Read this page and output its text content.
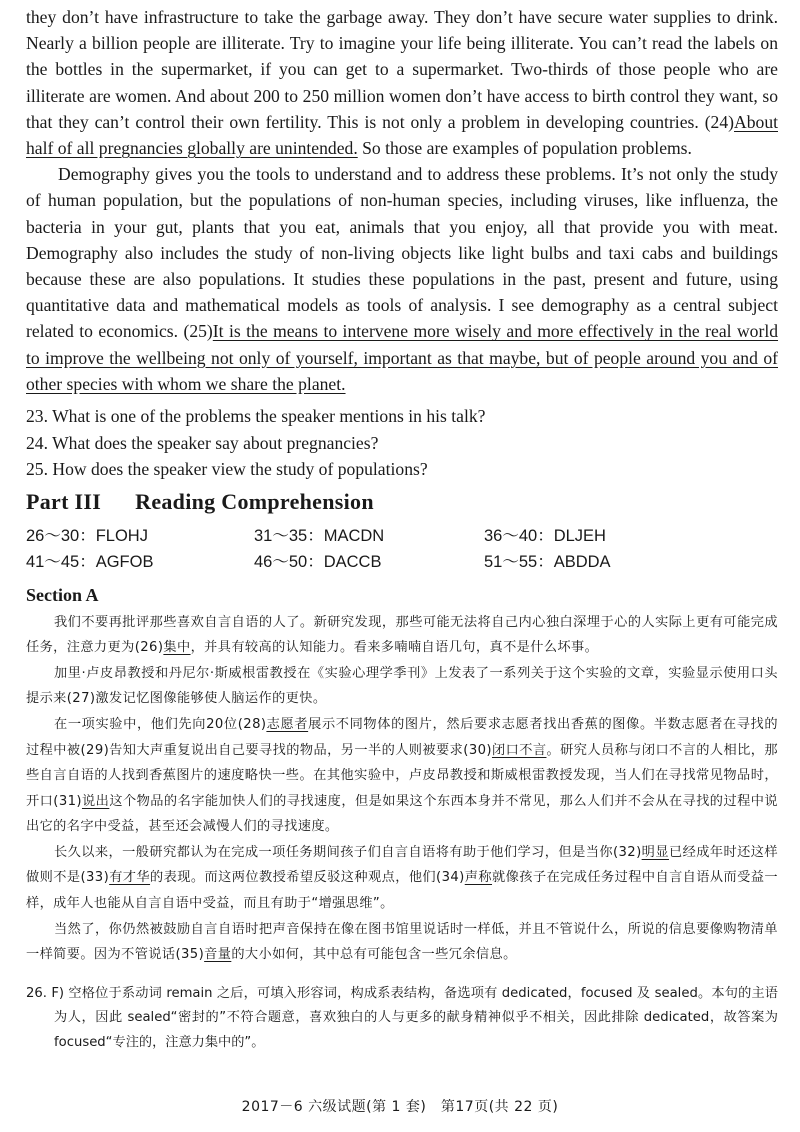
they don’t have infrastructure to take the garbage away. They don’t have secure water supplies to drink. Nearly a billion people are illiterate. Try to imagine your life being illiterate. You can’t read the labels on the bottles in the supermarket, if you can get to a supermarket. Two-thirds of those people who are illiterate are women. And about 200 to 250 million women don’t have access to birth control they want, so that they can’t control their own fertility. This is not only a problem in developing countries. (24)About half of all pregnancies globally are unintended. So those are examples of population problems.

Demography gives you the tools to understand and to address these problems. It’s not only the study of human population, but the populations of non-human species, including viruses, like influenza, the bacteria in your gut, plants that you eat, animals that you enjoy, all that provide you with meat. Demography also includes the study of non-living objects like light bulbs and taxi cabs and buildings because these are also populations. It studies these populations in the past, present and future, using quantitative data and mathematical models as tools of analysis. I see demography as a central subject related to economics. (25)It is the means to intervene more wisely and more effectively in the real world to improve the wellbeing not only of yourself, important as that maybe, but of people around you and of other species with whom we share the planet.

23. What is one of the problems the speaker mentions in his talk?

24. What does the speaker say about pregnancies?

25. How does the speaker view the study of populations?

Part III Reading Comprehension
26～30：FLOHJ	31～35：MACDN	36～40：DLJEH
41～45：AGFOB	46～50：DACCB	51～55：ABDDA
Section A

我们不要再批评那些喜欢自言自语的人了。新研究发现，那些可能无法将自己内心独白深埋于心的人实际上更有可能完成任务，注意力更为(26)集中，并具有较高的认知能力。看来多喃喃自语几句，真不是什么坏事。

加里·卢皮昂教授和丹尼尔·斯威根雷教授在《实验心理学季刊》上发表了一系列关于这个实验的文章，实验显示使用口头提示来(27)激发记忆图像能够使人脑运作的更快。

在一项实验中，他们先向20位(28)志愿者展示不同物体的图片，然后要求志愿者找出香蕉的图像。半数志愿者在寻找的过程中被(29)告知大声重复说出自己要寻找的物品，另一半的人则被要求(30)闭口不言。研究人员称与闭口不言的人相比，那些自言自语的人找到香蕉图片的速度略快一些。在其他实验中，卢皮昂教授和斯威根雷教授发现，当人们在寻找常见物品时，开口(31)说出这个物品的名字能加快人们的寻找速度，但是如果这个东西本身并不常见，那么人们并不会从在寻找的过程中说出它的名字中受益，甚至还会减慢人们的寻找速度。

长久以来，一般研究都认为在完成一项任务期间孩子们自言自语将有助于他们学习，但是当你(32)明显已经成年时还这样做则不是(33)有才华的表现。而这两位教授希望反驳这种观点，他们(34)声称就像孩子在完成任务过程中自言自语从而受益一样，成年人也能从自言自语中受益，而且有助于“增强思维”。

当然了，你仍然被鼓励自言自语时把声音保持在像在图书馆里说话时一样低，并且不管说什么，所说的信息要像购物清单一样简要。因为不管说话(35)音量的大小如何，其中总有可能包含一些冗余信息。

26. F) 空格位于系动词 remain 之后，可填入形容词，构成系表结构，备选项有 dedicated，focused 及 sealed。本句的主语为人，因此 sealed“密封的”不符合题意，喜欢独白的人与更多的献身精神似乎不相关，因此排除 dedicated，故答案为 focused“专注的，注意力集中的”。

2017－6 六级试题(第 1 套)　第17页(共 22 页)
